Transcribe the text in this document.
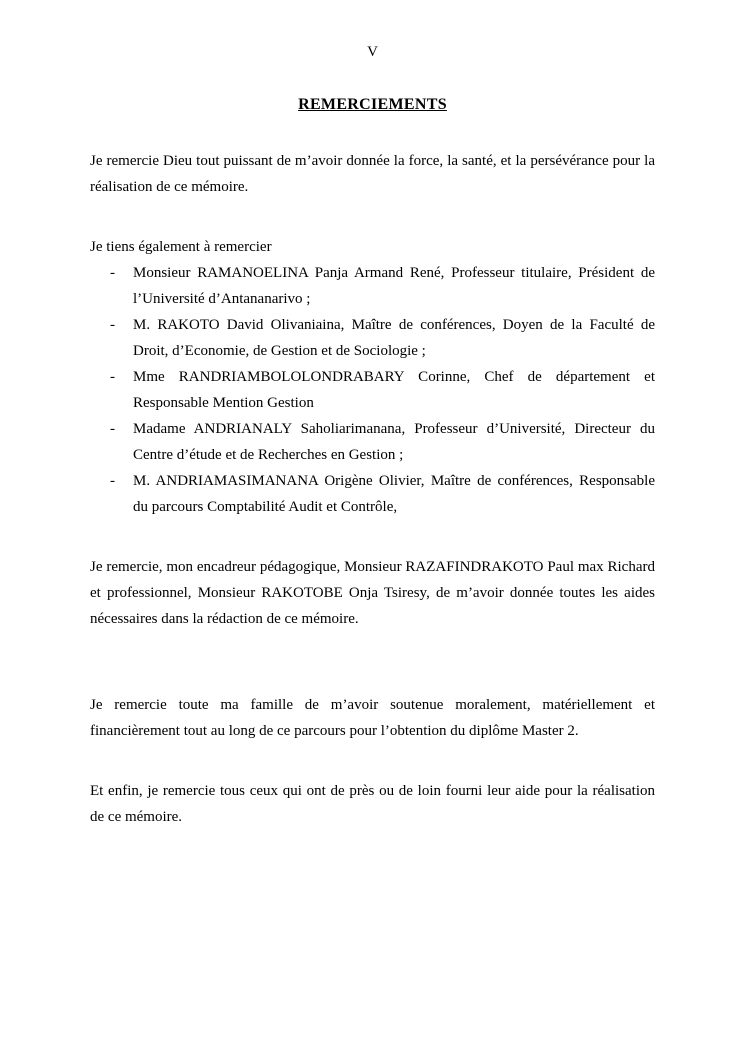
V
REMERCIEMENTS

Je remercie Dieu tout puissant de m’avoir donnée la force, la santé, et la persévérance pour la réalisation de ce mémoire.

Je tiens également à remercier

-	Monsieur RAMANOELINA Panja Armand René, Professeur titulaire, Président de l’Université d’Antananarivo ;
-	M. RAKOTO David Olivaniaina, Maître de conférences, Doyen de la Faculté de Droit, d’Economie, de Gestion et de Sociologie ;
-	Mme RANDRIAMBOLOLONDRABARY Corinne, Chef de département et Responsable Mention Gestion
-	Madame ANDRIANALY Saholiarimanana, Professeur d’Université, Directeur du Centre d’étude et de Recherches en Gestion ;
-	M. ANDRIAMASIMANANA Origène Olivier, Maître de conférences, Responsable du parcours Comptabilité Audit et Contrôle,

Je remercie, mon encadreur pédagogique, Monsieur RAZAFINDRAKOTO Paul max Richard et professionnel, Monsieur RAKOTOBE Onja Tsiresy, de m’avoir donnée toutes les aides nécessaires dans la rédaction de ce mémoire.

Je remercie toute ma famille de m’avoir soutenue moralement, matériellement et financièrement tout au long de ce parcours pour l’obtention du diplôme Master 2.

Et enfin, je remercie tous ceux qui ont de près ou de loin fourni leur aide pour la réalisation de ce mémoire.
